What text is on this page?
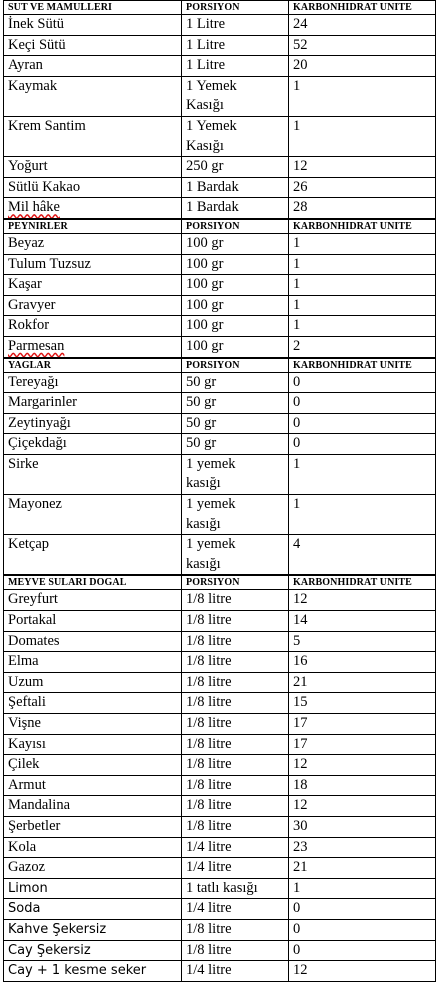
SUT VE MAMULLERI	PORSIYON	KARBONHIDRAT UNITE
İnek Sütü	1 Litre	24
Keçi Sütü	1 Litre	52
Ayran	1 Litre	20
Kaymak	1 Yemek Kasığı	1
Krem Santim	1 Yemek Kasığı	1
Yoğurt	250 gr	12
Sütlü Kakao	1 Bardak	26
Mil hâke	1 Bardak	28
PEYNIRLER	PORSIYON	KARBONHIDRAT UNITE
Beyaz	100 gr	1
Tulum Tuzsuz	100 gr	1
Kaşar	100 gr	1
Gravyer	100 gr	1
Rokfor	100 gr	1
Parmesan	100 gr	2
YAGLAR	PORSIYON	KARBONHIDRAT UNITE
Tereyağı	50 gr	0
Margarinler	50 gr	0
Zeytinyağı	50 gr	0
Çiçekdağı	50 gr	0
Sirke	1 yemek kasığı	1
Mayonez	1 yemek kasığı	1
Ketçap	1 yemek kasığı	4
MEYVE SULARI DOGAL	PORSIYON	KARBONHIDRAT UNITE
Greyfurt	1/8 litre	12
Portakal	1/8 litre	14
Domates	1/8 litre	5
Elma	1/8 litre	16
Uzum	1/8 litre	21
Şeftali	1/8 litre	15
Vişne	1/8 litre	17
Kayısı	1/8 litre	17
Çilek	1/8 litre	12
Armut	1/8 litre	18
Mandalina	1/8 litre	12
Şerbetler	1/8 litre	30
Kola	1/4 litre	23
Gazoz	1/4 litre	21
Limon	1 tatlı kasığı	1
Soda	1/4 litre	0
Kahve Şekersiz	1/8 litre	0
Cay Şekersiz	1/8 litre	0
Cay + 1 kesme seker	1/4 litre	12
